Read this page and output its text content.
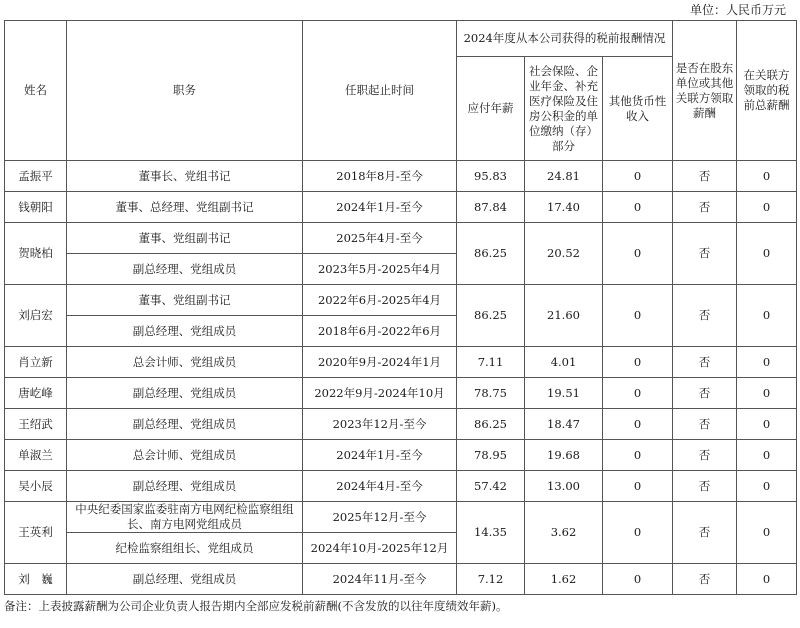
单位：人民币万元
姓名	职务	任职起止时间	2024年度从本公司获得的税前报酬情况			是否在股东单位或其他关联方领取薪酬	在关联方领取的税前总薪酬
			应付年薪	社会保险、企业年金、补充医疗保险及住房公积金的单位缴纳（存）部分	其他货币性收入		
孟振平	董事长、党组书记	2018年8月-至今	95.83	24.81	0	否	0
钱朝阳	董事、总经理、党组副书记	2024年1月-至今	87.84	17.40	0	否	0
贺晓柏	董事、党组副书记	2025年4月-至今	86.25	20.52	0	否	0
	副总经理、党组成员	2023年5月-2025年4月					
刘启宏	董事、党组副书记	2022年6月-2025年4月	86.25	21.60	0	否	0
	副总经理、党组成员	2018年6月-2022年6月					
肖立新	总会计师、党组成员	2020年9月-2024年1月	7.11	4.01	0	否	0
唐屹峰	副总经理、党组成员	2022年9月-2024年10月	78.75	19.51	0	否	0
王绍武	副总经理、党组成员	2023年12月-至今	86.25	18.47	0	否	0
单淑兰	总会计师、党组成员	2024年1月-至今	78.95	19.68	0	否	0
吴小辰	副总经理、党组成员	2024年4月-至今	57.42	13.00	0	否	0
王英利	中央纪委国家监委驻南方电网纪检监察组组长、南方电网党组成员	2025年12月-至今	14.35	3.62	0	否	0
	纪检监察组组长、党组成员	2024年10月-2025年12月					
刘　巍	副总经理、党组成员	2024年11月-至今	7.12	1.62	0	否	0
备注：上表披露薪酬为公司企业负责人报告期内全部应发税前薪酬(不含发放的以往年度绩效年薪)。
